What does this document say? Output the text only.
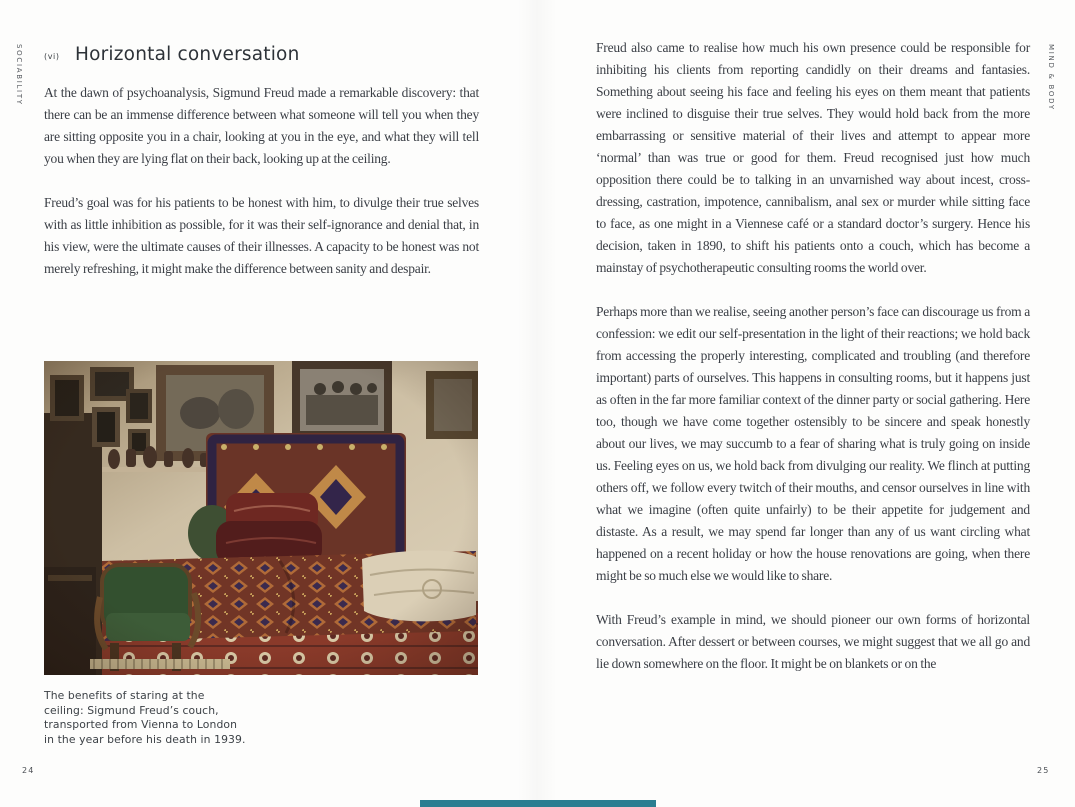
SOCIABILITY	(vi) Horizontal conversation

At the dawn of psychoanalysis, Sigmund Freud made a remarkable discovery: that there can be an immense difference between what someone will tell you when they are sitting opposite you in a chair, looking at you in the eye, and what they will tell you when they are lying flat on their back, looking up at the ceiling.

Freud’s goal was for his patients to be honest with him, to divulge their true selves with as little inhibition as possible, for it was their self-ignorance and denial that, in his view, were the ultimate causes of their illnesses. A capacity to be honest was not merely refreshing, it might make the difference between sanity and despair.

The benefits of staring at the
ceiling: Sigmund Freud’s couch,
transported from Vienna to London
in the year before his death in 1939.
24

Freud also came to realise how much his own presence could be responsible for inhibiting his clients from reporting candidly on their dreams and fantasies. Something about seeing his face and feeling his eyes on them meant that patients were inclined to disguise their true selves. They would hold back from the more embarrassing or sensitive material of their lives and attempt to appear more ‘normal’ than was true or good for them. Freud recognised just how much opposition there could be to talking in an unvarnished way about incest, cross-dressing, castration, impotence, cannibalism, anal sex or murder while sitting face to face, as one might in a Viennese café or a standard doctor’s surgery. Hence his decision, taken in 1890, to shift his patients onto a couch, which has become a mainstay of psychotherapeutic consulting rooms the world over.

Perhaps more than we realise, seeing another person’s face can discourage us from a confession: we edit our self-presentation in the light of their reactions; we hold back from accessing the properly interesting, complicated and troubling (and therefore important) parts of ourselves. This happens in consulting rooms, but it happens just as often in the far more familiar context of the dinner party or social gathering. Here too, though we have come together ostensibly to be sincere and speak honestly about our lives, we may succumb to a fear of sharing what is truly going on inside us. Feeling eyes on us, we hold back from divulging our reality. We flinch at putting others off, we follow every twitch of their mouths, and censor ourselves in line with what we imagine (often quite unfairly) to be their appetite for judgement and distaste. As a result, we may spend far longer than any of us want circling what happened on a recent holiday or how the house renovations are going, when there might be so much else we would like to share.

With Freud’s example in mind, we should pioneer our own forms of horizontal conversation. After dessert or between courses, we might suggest that we all go and lie down somewhere on the floor. It might be on blankets or on the

MIND & BODY
25
